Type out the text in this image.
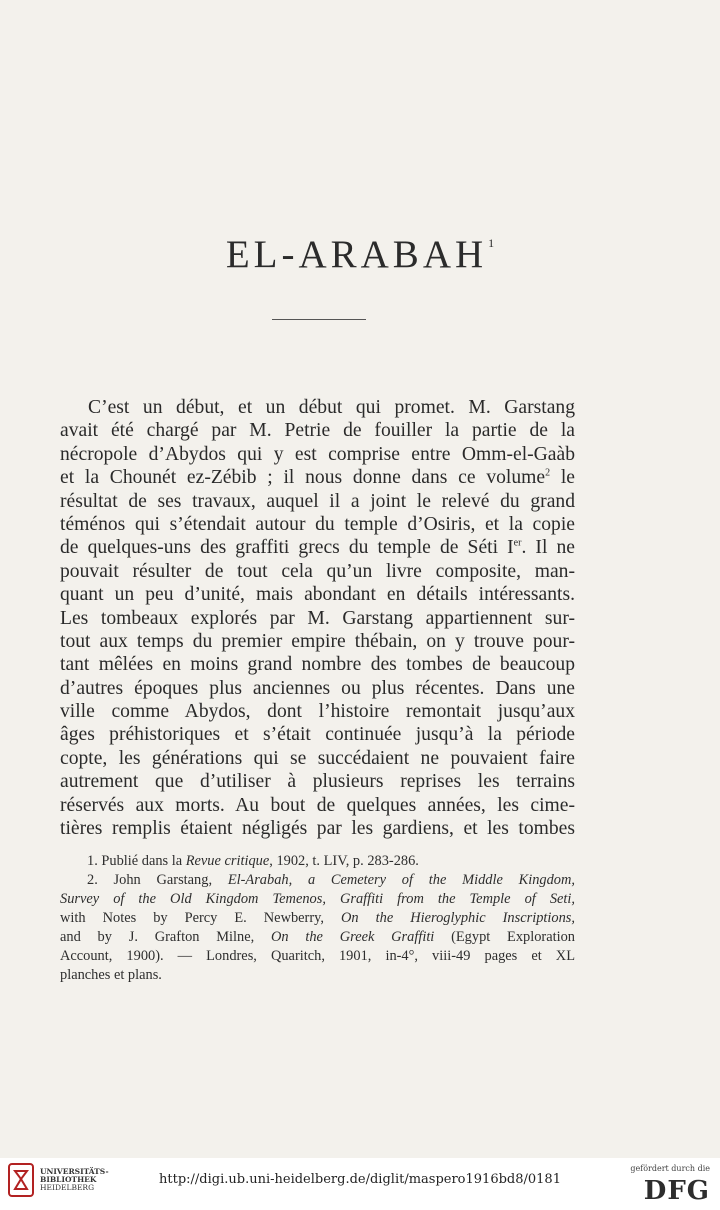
EL-ARABAH$^1$
C’est un début, et un début qui promet. M. Garstang
avait été chargé par M. Petrie de fouiller la partie de la
nécropole d’Abydos qui y est comprise entre Omm-el-Gaàb
et la Chounét ez-Zébib ; il nous donne dans ce volume$^2$ le
résultat de ses travaux, auquel il a joint le relevé du grand
téménos qui s’étendait autour du temple d’Osiris, et la copie
de quelques-uns des graffiti grecs du temple de Séti Ier. Il ne
pouvait résulter de tout cela qu’un livre composite, man-
quant un peu d’unité, mais abondant en détails intéressants.
Les tombeaux explorés par M. Garstang appartiennent sur-
tout aux temps du premier empire thébain, on y trouve pour-
tant mêlées en moins grand nombre des tombes de beaucoup
d’autres époques plus anciennes ou plus récentes. Dans une
ville comme Abydos, dont l’histoire remontait jusqu’aux
âges préhistoriques et s’était continuée jusqu’à la période
copte, les générations qui se succédaient ne pouvaient faire
autrement que d’utiliser à plusieurs reprises les terrains
réservés aux morts. Au bout de quelques années, les cime-
tières remplis étaient négligés par les gardiens, et les tombes
1. Publié dans la Revue critique, 1902, t. LIV, p. 283-286.
2. John Garstang, El-Arabah, a Cemetery of the Middle Kingdom,
Survey of the Old Kingdom Temenos, Graffiti from the Temple of Seti,
with Notes by Percy E. Newberry, On the Hieroglyphic Inscriptions,
and by J. Grafton Milne, On the Greek Graffiti (Egypt Exploration
Account, 1900). — Londres, Quaritch, 1901, in-4°, viii-49 pages et XL
planches et plans.
UNIVERSITÄTS-
BIBLIOTHEK
HEIDELBERG
http://digi.ub.uni-heidelberg.de/diglit/maspero1916bd8/0181
gefördert durch die
DFG
